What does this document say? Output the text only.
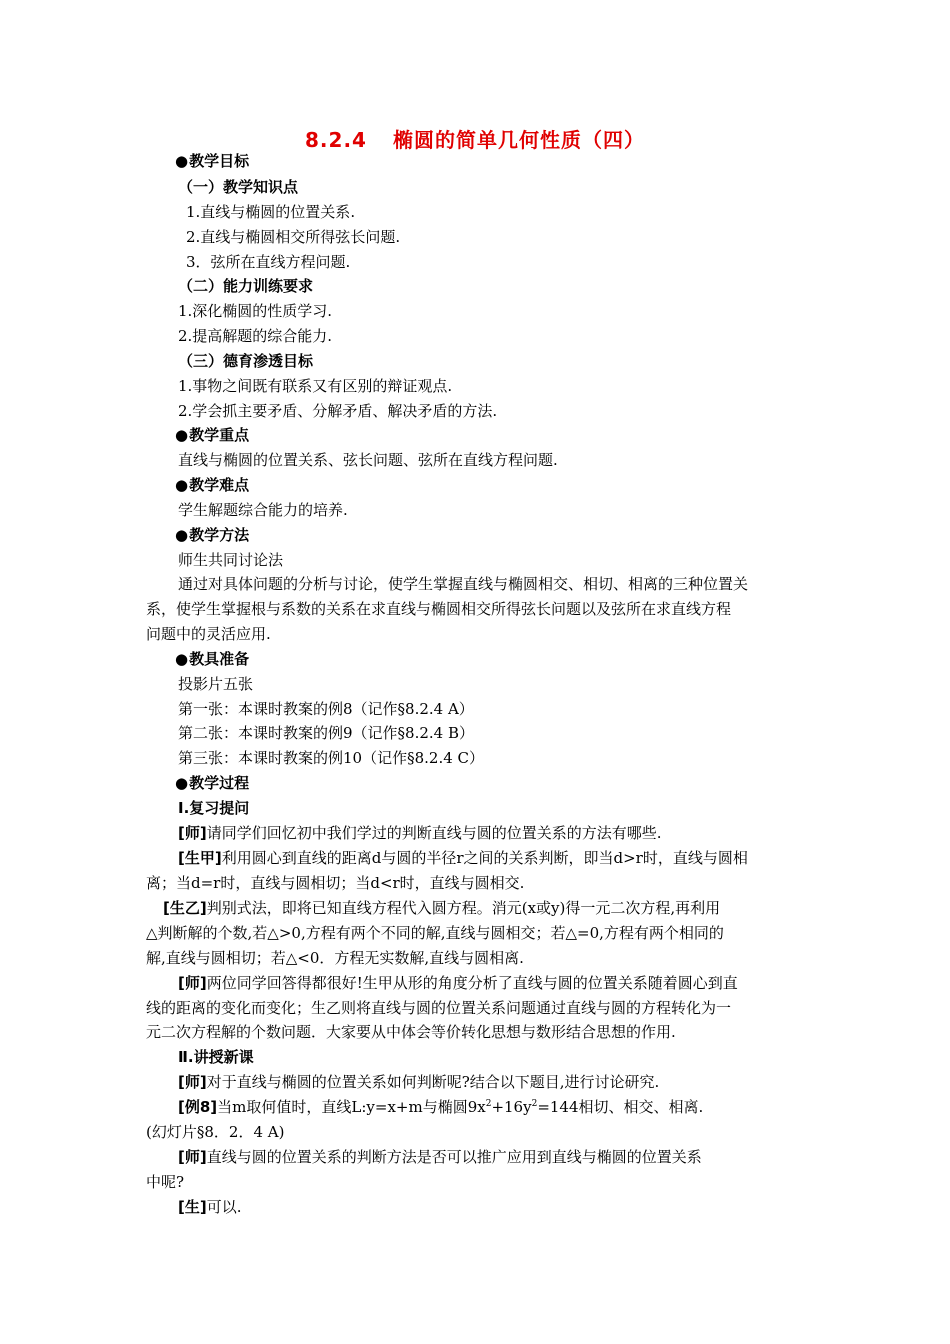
8.2.4 椭圆的简单几何性质（四）
●教学目标
（一）教学知识点
1.直线与椭圆的位置关系.
2.直线与椭圆相交所得弦长问题.
3．弦所在直线方程问题.
（二）能力训练要求
1.深化椭圆的性质学习.
2.提高解题的综合能力.
（三）德育渗透目标
1.事物之间既有联系又有区别的辩证观点.
2.学会抓主要矛盾、分解矛盾、解决矛盾的方法.
●教学重点
直线与椭圆的位置关系、弦长问题、弦所在直线方程问题.
●教学难点
学生解题综合能力的培养.
●教学方法
师生共同讨论法
通过对具体问题的分析与讨论，使学生掌握直线与椭圆相交、相切、相离的三种位置关
系，使学生掌握根与系数的关系在求直线与椭圆相交所得弦长问题以及弦所在求直线方程
问题中的灵活应用.
●教具准备
投影片五张
第一张：本课时教案的例8（记作§8.2.4 A）
第二张：本课时教案的例9（记作§8.2.4 B）
第三张：本课时教案的例10（记作§8.2.4 C）
●教学过程
Ⅰ.复习提问
[师]请同学们回忆初中我们学过的判断直线与圆的位置关系的方法有哪些.
[生甲]利用圆心到直线的距离d与圆的半径r之间的关系判断，即当d>r时，直线与圆相
离；当d=r时，直线与圆相切；当d<r时，直线与圆相交.
[生乙]判别式法，即将已知直线方程代入圆方程。消元(x或y)得一元二次方程,再利用
△判断解的个数,若△>0,方程有两个不同的解,直线与圆相交；若△=0,方程有两个相同的
解,直线与圆相切；若△<0．方程无实数解,直线与圆相离.
[师]两位同学回答得都很好!生甲从形的角度分析了直线与圆的位置关系随着圆心到直
线的距离的变化而变化；生乙则将直线与圆的位置关系问题通过直线与圆的方程转化为一
元二次方程解的个数问题．大家要从中体会等价转化思想与数形结合思想的作用.
Ⅱ.讲授新课
[师]对于直线与椭圆的位置关系如何判断呢?结合以下题目,进行讨论研究.
[例8]当m取何值时，直线L:y=x+m与椭圆$9x^2+16y^2=144$相切、相交、相离.
(幻灯片§8．2．4 A)
[师]直线与圆的位置关系的判断方法是否可以推广应用到直线与椭圆的位置关系
中呢?
[生]可以.
